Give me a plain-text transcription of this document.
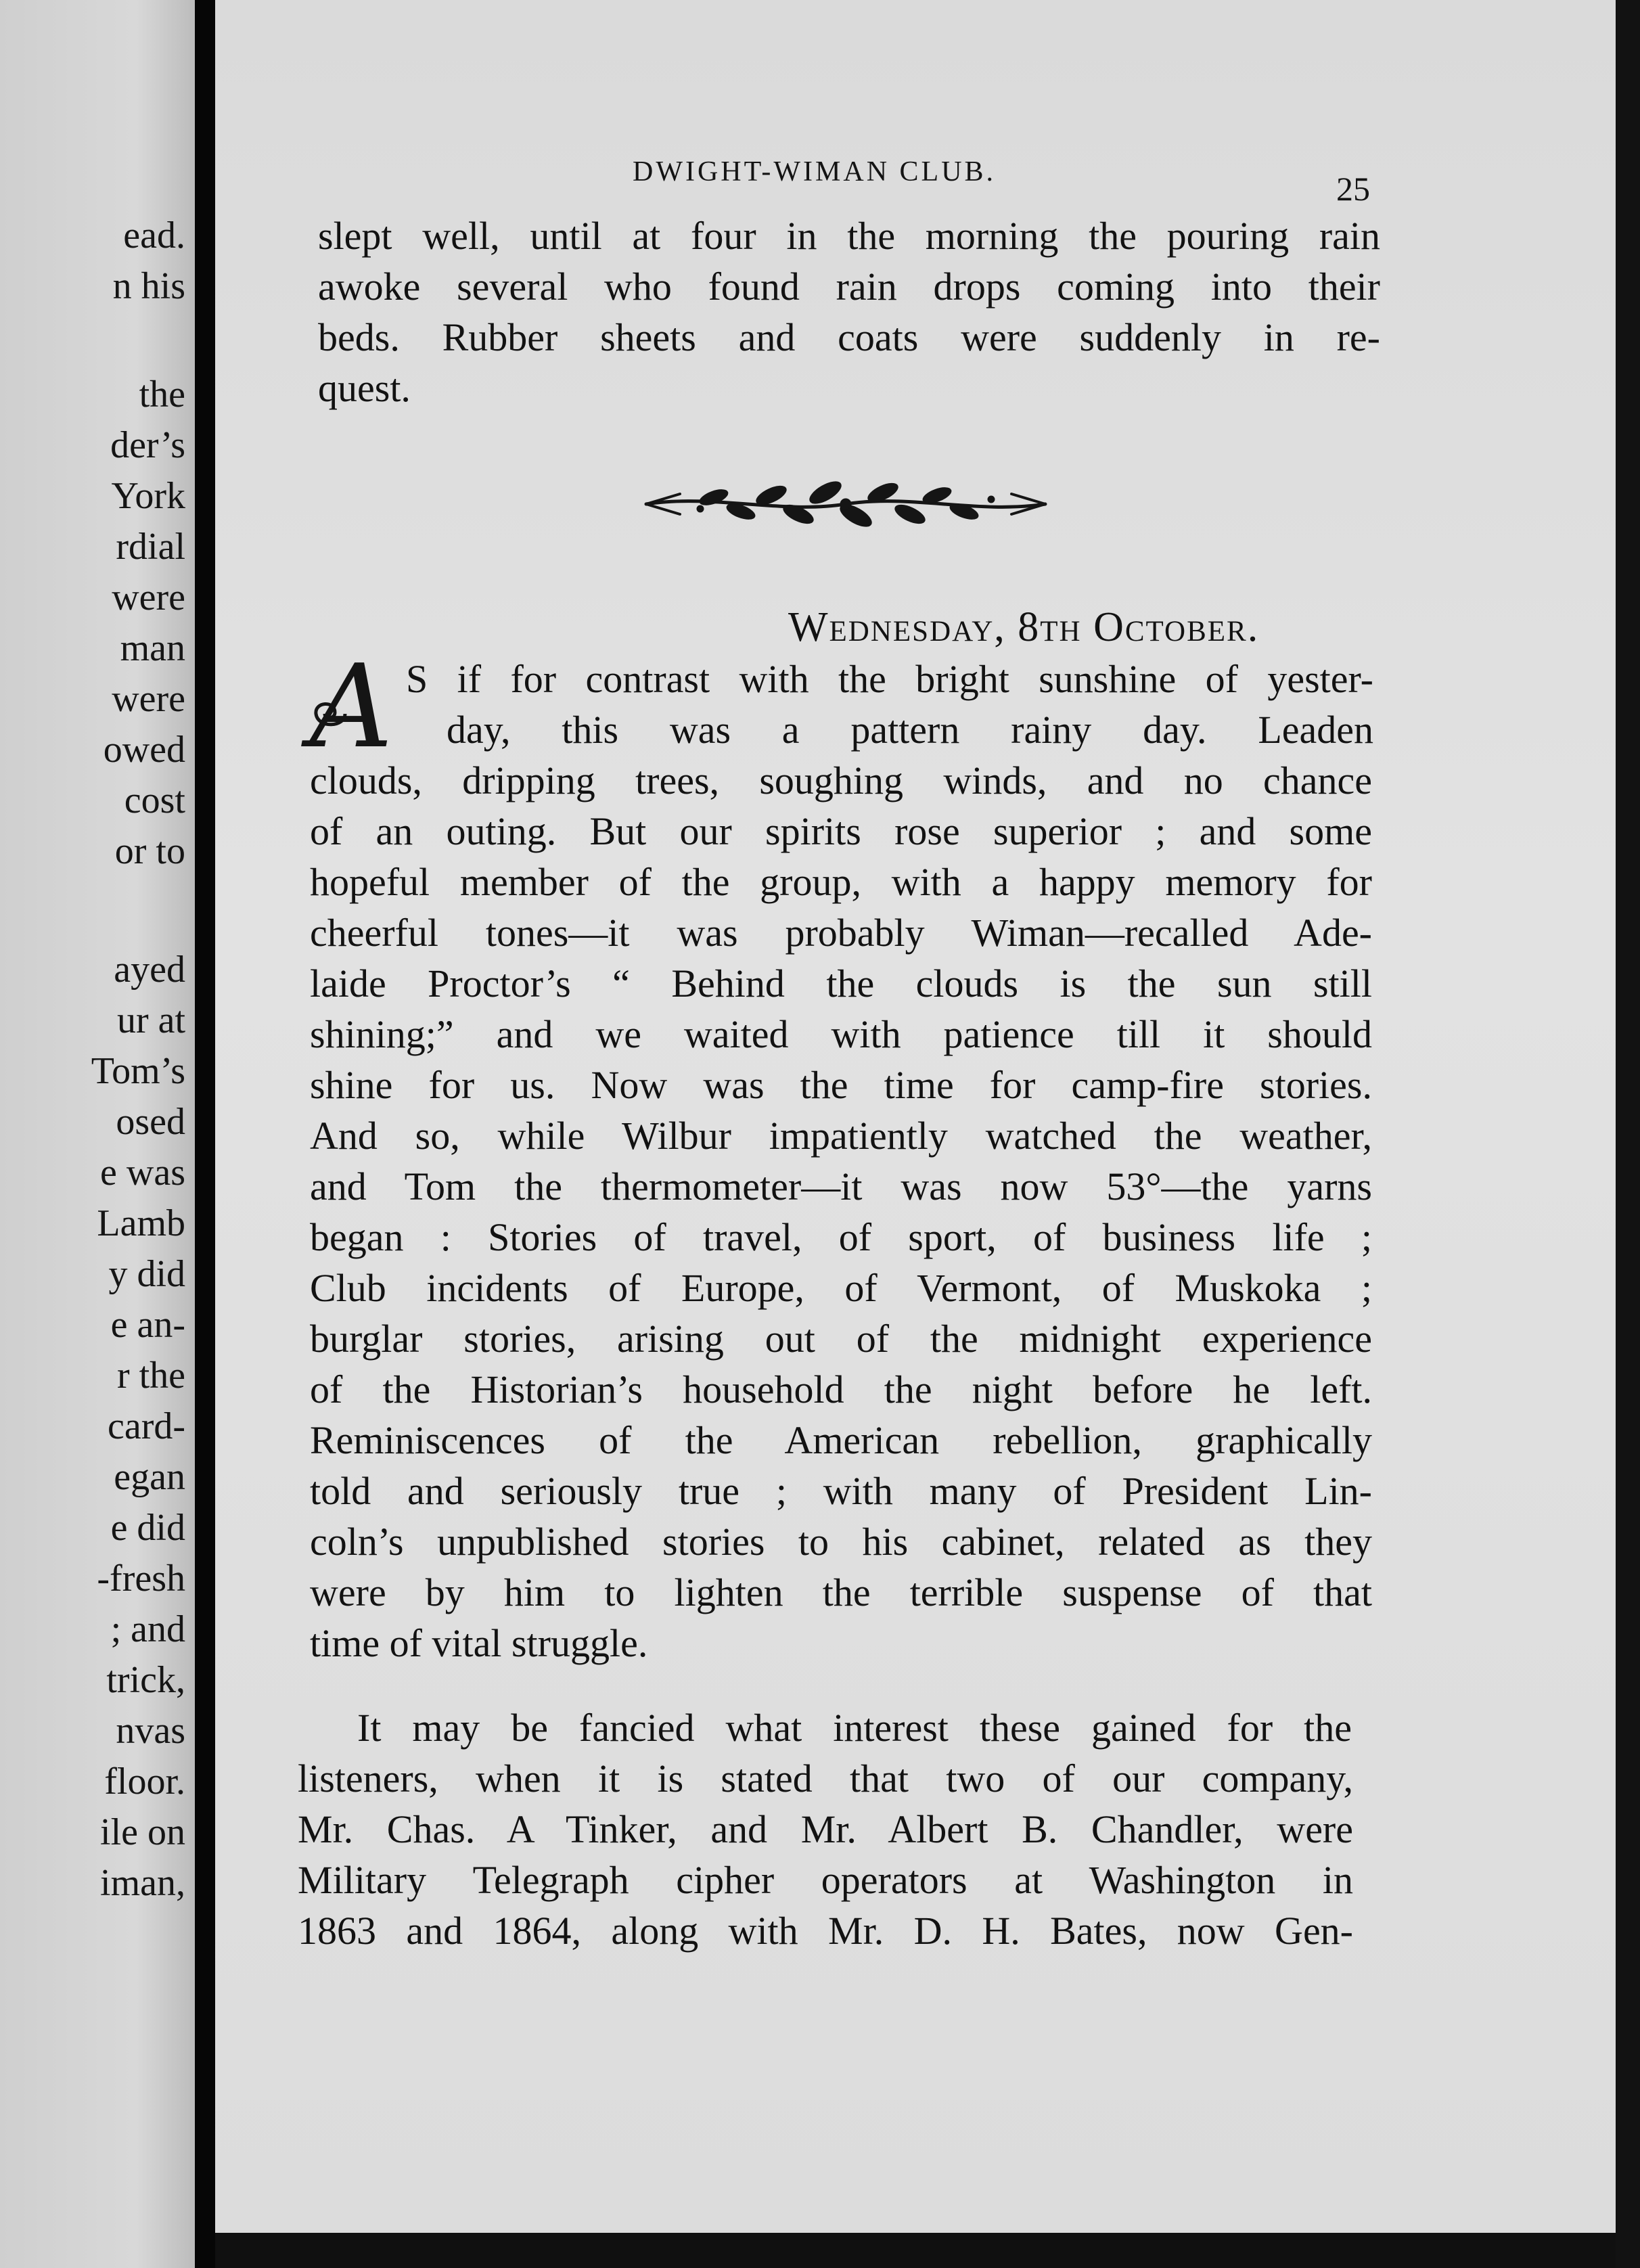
ead.
n his
the
der’s
York
rdial
were
man
were
owed
cost
or to
ayed
ur at
Tom’s
osed
e was
Lamb
y did
e an-
r the
card-
egan
e did
-fresh
; and
trick,
nvas
floor.
ile on
iman,
DWIGHT-WIMAN CLUB.	25
slept well, until at four in the morning the pouring rain
awoke several who found rain drops coming into their
beds. Rubber sheets and coats were suddenly in re-
quest.
Wednesday, 8th October.
A S if for contrast with the bright sunshine of yester-
day, this was a pattern rainy day. Leaden
clouds, dripping trees, soughing winds, and no chance
of an outing. But our spirits rose superior ; and some
hopeful member of the group, with a happy memory for
cheerful tones—it was probably Wiman—recalled Ade-
laide Proctor’s “ Behind the clouds is the sun still
shining;” and we waited with patience till it should
shine for us. Now was the time for camp-fire stories.
And so, while Wilbur impatiently watched the weather,
and Tom the thermometer—it was now 53°—the yarns
began : Stories of travel, of sport, of business life ;
Club incidents of Europe, of Vermont, of Muskoka ;
burglar stories, arising out of the midnight experience
of the Historian’s household the night before he left.
Reminiscences of the American rebellion, graphically
told and seriously true ; with many of President Lin-
coln’s unpublished stories to his cabinet, related as they
were by him to lighten the terrible suspense of that
time of vital struggle.
It may be fancied what interest these gained for the
listeners, when it is stated that two of our company,
Mr. Chas. A Tinker, and Mr. Albert B. Chandler, were
Military Telegraph cipher operators at Washington in
1863 and 1864, along with Mr. D. H. Bates, now Gen-
